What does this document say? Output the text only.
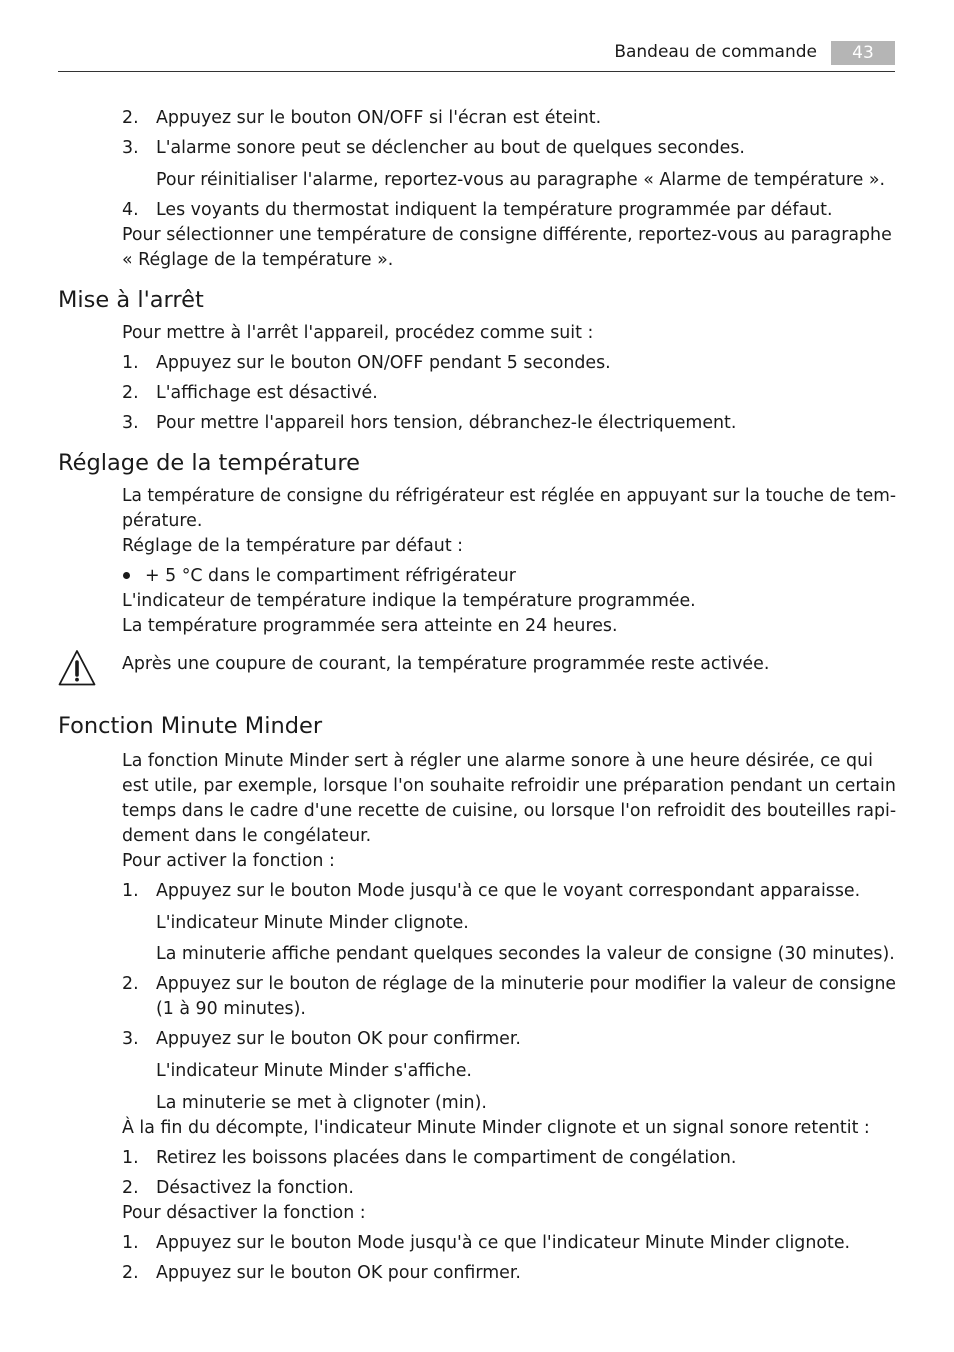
Bandeau de commande	43
2. Appuyez sur le bouton ON/OFF si l'écran est éteint.
3. L'alarme sonore peut se déclencher au bout de quelques secondes.
Pour réinitialiser l'alarme, reportez-vous au paragraphe « Alarme de température ».
4. Les voyants du thermostat indiquent la température programmée par défaut.
Pour sélectionner une température de consigne différente, reportez-vous au paragraphe
« Réglage de la température ».
Mise à l'arrêt
Pour mettre à l'arrêt l'appareil, procédez comme suit :
1. Appuyez sur le bouton ON/OFF pendant 5 secondes.
2. L'affichage est désactivé.
3. Pour mettre l'appareil hors tension, débranchez-le électriquement.
Réglage de la température
La température de consigne du réfrigérateur est réglée en appuyant sur la touche de tem-
pérature.
Réglage de la température par défaut :
+ 5 °C dans le compartiment réfrigérateur
L'indicateur de température indique la température programmée.
La température programmée sera atteinte en 24 heures.
Après une coupure de courant, la température programmée reste activée.
Fonction Minute Minder
La fonction Minute Minder sert à régler une alarme sonore à une heure désirée, ce qui
est utile, par exemple, lorsque l'on souhaite refroidir une préparation pendant un certain
temps dans le cadre d'une recette de cuisine, ou lorsque l'on refroidit des bouteilles rapi-
dement dans le congélateur.
Pour activer la fonction :
1. Appuyez sur le bouton Mode jusqu'à ce que le voyant correspondant apparaisse.
L'indicateur Minute Minder clignote.
La minuterie affiche pendant quelques secondes la valeur de consigne (30 minutes).
2. Appuyez sur le bouton de réglage de la minuterie pour modifier la valeur de consigne
(1 à 90 minutes).
3. Appuyez sur le bouton OK pour confirmer.
L'indicateur Minute Minder s'affiche.
La minuterie se met à clignoter (min).
À la fin du décompte, l'indicateur Minute Minder clignote et un signal sonore retentit :
1. Retirez les boissons placées dans le compartiment de congélation.
2. Désactivez la fonction.
Pour désactiver la fonction :
1. Appuyez sur le bouton Mode jusqu'à ce que l'indicateur Minute Minder clignote.
2. Appuyez sur le bouton OK pour confirmer.
